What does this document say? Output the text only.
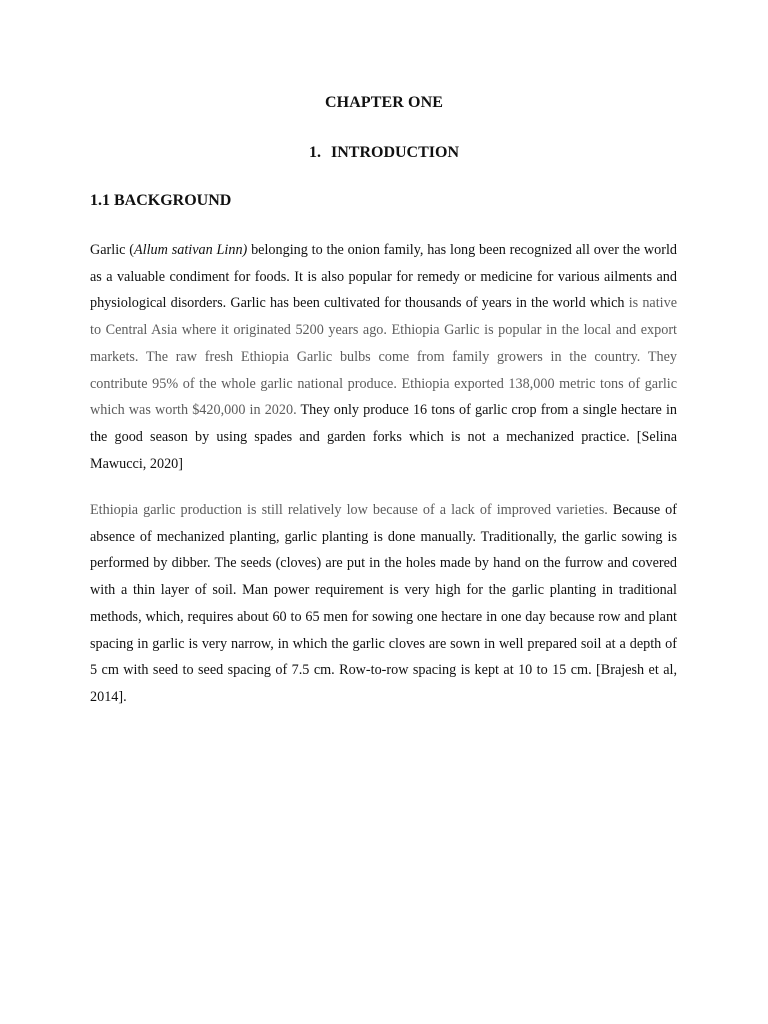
CHAPTER ONE
1. INTRODUCTION
1.1 BACKGROUND

Garlic (Allum sativan Linn) belonging to the onion family, has long been recognized all over the world as a valuable condiment for foods. It is also popular for remedy or medicine for various ailments and physiological disorders. Garlic has been cultivated for thousands of years in the world which is native to Central Asia where it originated 5200 years ago. Ethiopia Garlic is popular in the local and export markets. The raw fresh Ethiopia Garlic bulbs come from family growers in the country. They contribute 95% of the whole garlic national produce. Ethiopia exported 138,000 metric tons of garlic which was worth $420,000 in 2020. They only produce 16 tons of garlic crop from a single hectare in the good season by using spades and garden forks which is not a mechanized practice. [Selina Mawucci, 2020]

Ethiopia garlic production is still relatively low because of a lack of improved varieties. Because of absence of mechanized planting, garlic planting is done manually. Traditionally, the garlic sowing is performed by dibber. The seeds (cloves) are put in the holes made by hand on the furrow and covered with a thin layer of soil. Man power requirement is very high for the garlic planting in traditional methods, which, requires about 60 to 65 men for sowing one hectare in one day because row and plant spacing in garlic is very narrow, in which the garlic cloves are sown in well prepared soil at a depth of 5 cm with seed to seed spacing of 7.5 cm. Row-to-row spacing is kept at 10 to 15 cm. [Brajesh et al, 2014].
